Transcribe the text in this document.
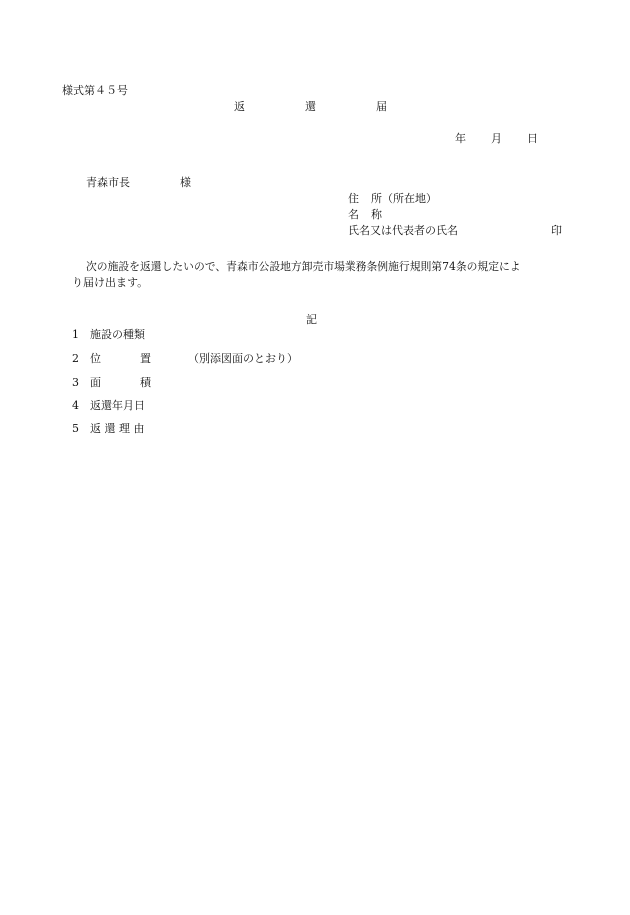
様式第４５号
返	還	届
年 月 日
青森市長	様
住 所（所在地）
名 称
氏名又は代表者の氏名	印
次の施設を返還したいので、青森市公設地方卸売市場業務条例施行規則第74条の規定によ
り届け出ます。
記
1 施設の種類
2 位	置	（別添図面のとおり）
3 面	積
4 返還年月日
5 返 還 理 由
